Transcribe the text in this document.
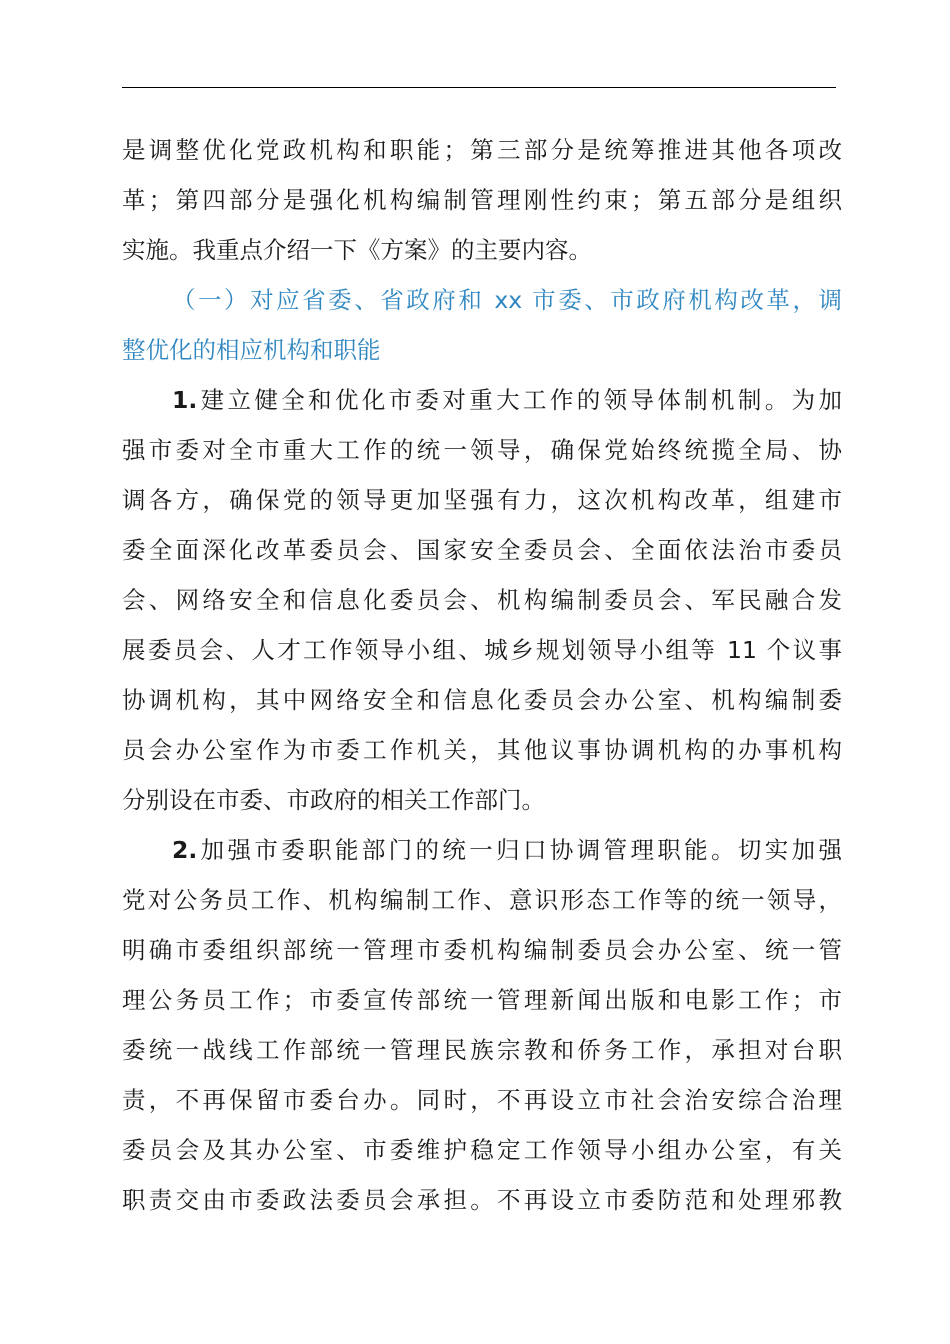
是调整优化党政机构和职能；第三部分是统筹推进其他各项改
革；第四部分是强化机构编制管理刚性约束；第五部分是组织
实施。我重点介绍一下《方案》的主要内容。
（一）对应省委、省政府和 xx 市委、市政府机构改革，调
整优化的相应机构和职能
1.建立健全和优化市委对重大工作的领导体制机制。为加
强市委对全市重大工作的统一领导，确保党始终统揽全局、协
调各方，确保党的领导更加坚强有力，这次机构改革，组建市
委全面深化改革委员会、国家安全委员会、全面依法治市委员
会、网络安全和信息化委员会、机构编制委员会、军民融合发
展委员会、人才工作领导小组、城乡规划领导小组等 11 个议事
协调机构，其中网络安全和信息化委员会办公室、机构编制委
员会办公室作为市委工作机关，其他议事协调机构的办事机构
分别设在市委、市政府的相关工作部门。
2.加强市委职能部门的统一归口协调管理职能。切实加强
党对公务员工作、机构编制工作、意识形态工作等的统一领导，
明确市委组织部统一管理市委机构编制委员会办公室、统一管
理公务员工作；市委宣传部统一管理新闻出版和电影工作；市
委统一战线工作部统一管理民族宗教和侨务工作，承担对台职
责，不再保留市委台办。同时，不再设立市社会治安综合治理
委员会及其办公室、市委维护稳定工作领导小组办公室，有关
职责交由市委政法委员会承担。不再设立市委防范和处理邪教
